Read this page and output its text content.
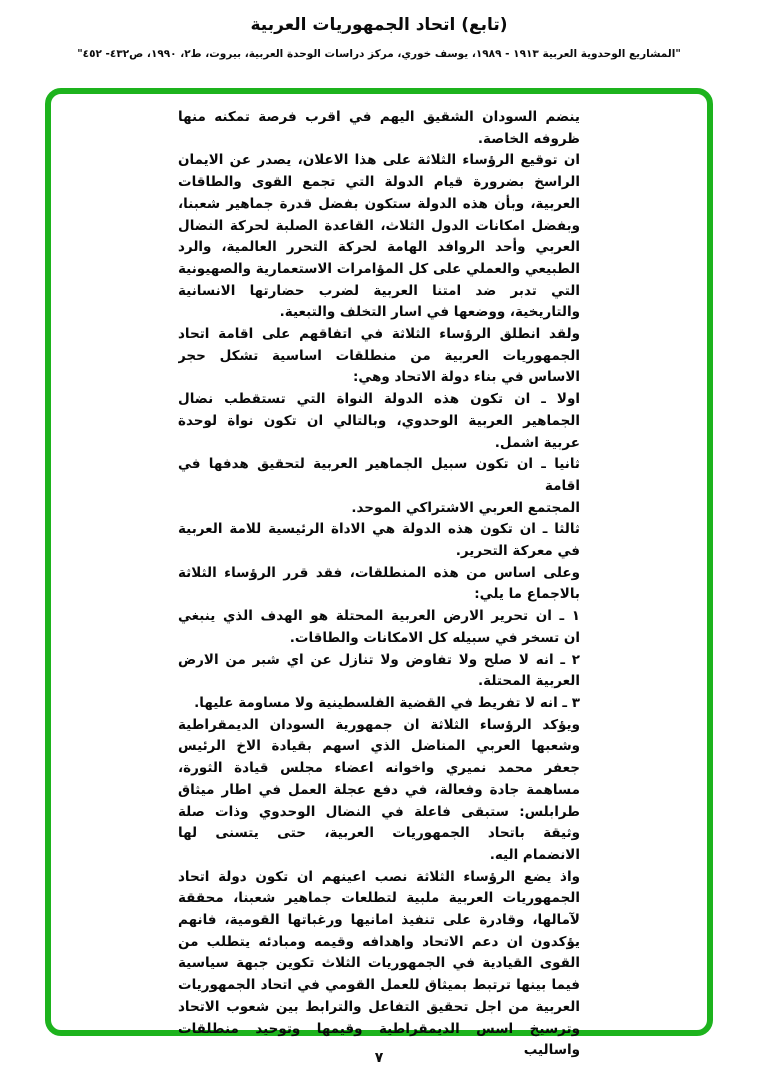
(تابع) اتحاد الجمهوريات العربية
"المشاريع الوحدوية العربية ١٩١٣ - ١٩٨٩، يوسف خوري، مركز دراسات الوحدة العربية، بيروت، ط٢، ١٩٩٠، ص٤٣٢- ٤٥٢"
ينضم السودان الشقيق اليهم في اقرب فرصة تمكنه منها
ظروفه الخاصة.
ان توقيع الرؤساء الثلاثة على هذا الاعلان، يصدر عن الايمان
الراسخ بضرورة قيام الدولة التي تجمع القوى والطاقات
العربية، وبأن هذه الدولة ستكون بفضل قدرة جماهير شعبنا،
وبفضل امكانات الدول الثلاث، القاعدة الصلبة لحركة النضال
العربي وأحد الروافد الهامة لحركة التحرر العالمية، والرد
الطبيعي والعملي على كل المؤامرات الاستعمارية والصهيونية
التي تدبر ضد امتنا العربية لضرب حضارتها الانسانية
والتاريخية، ووضعها في اسار التخلف والتبعية.
ولقد انطلق الرؤساء الثلاثة في اتفاقهم على اقامة اتحاد
الجمهوريات العربية من منطلقات اساسية تشكل حجر
الاساس في بناء دولة الاتحاد وهي:
اولا ـ ان تكون هذه الدولة النواة التي تستقطب نضال
الجماهير العربية الوحدوي، وبالتالي ان تكون نواة لوحدة
عربية اشمل.
ثانيا ـ ان تكون سبيل الجماهير العربية لتحقيق هدفها في اقامة
المجتمع العربي الاشتراكي الموحد.
ثالثا ـ ان تكون هذه الدولة هي الاداة الرئيسية للامة العربية
في معركة التحرير.
وعلى اساس من هذه المنطلقات، فقد قرر الرؤساء الثلاثة
بالاجماع ما يلي:
١ ـ ان تحرير الارض العربية المحتلة هو الهدف الذي ينبغي
ان تسخر في سبيله كل الامكانات والطاقات.
٢ ـ انه لا صلح ولا تفاوض ولا تنازل عن اي شبر من الارض
العربية المحتلة.
٣ ـ انه لا تفريط في القضية الفلسطينية ولا مساومة عليها.
ويؤكد الرؤساء الثلاثة ان جمهورية السودان الديمقراطية
وشعبها العربي المناضل الذي اسهم بقيادة الاخ الرئيس
جعفر محمد نميري واخوانه اعضاء مجلس قيادة الثورة،
مساهمة جادة وفعالة، في دفع عجلة العمل في اطار ميثاق
طرابلس: ستبقى فاعلة في النضال الوحدوي وذات صلة
وثيقة باتحاد الجمهوريات العربية، حتى يتسنى لها
الانضمام اليه.
واذ يضع الرؤساء الثلاثة نصب اعينهم ان تكون دولة اتحاد
الجمهوريات العربية ملبية لتطلعات جماهير شعبنا، محققة
لآمالها، وقادرة على تنفيذ امانيها ورغباتها القومية، فانهم
يؤكدون ان دعم الاتحاد واهدافه وقيمه ومبادئه يتطلب من
القوى القيادية في الجمهوريات الثلاث تكوين جبهة سياسية
فيما بينها ترتبط بميثاق للعمل القومي في اتحاد الجمهوريات
العربية من اجل تحقيق التفاعل والترابط بين شعوب الاتحاد
وترسيخ اسس الديمقراطية وقيمها وتوحيد منطلقات واساليب
٧
